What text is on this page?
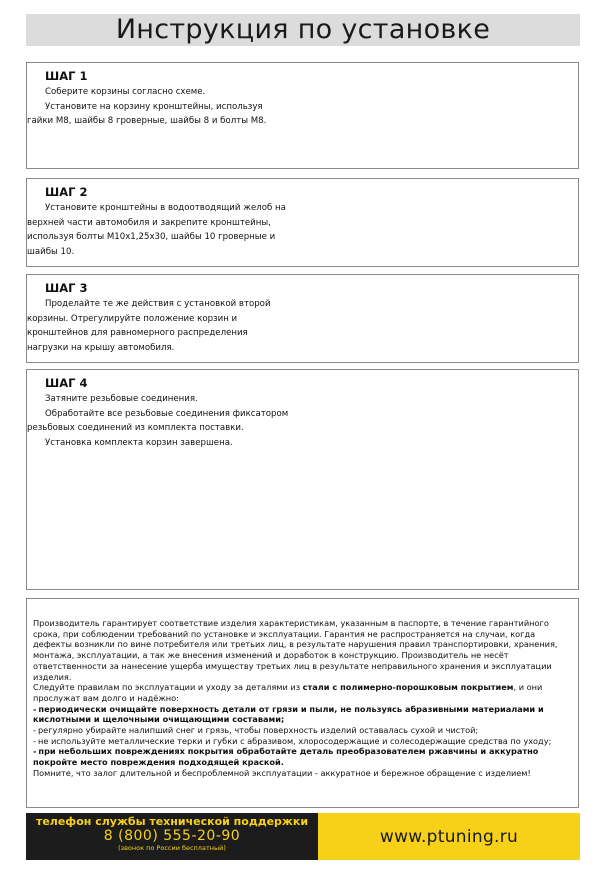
Инструкция по установке
ШАГ 1

Соберите корзины согласно схеме.

Установите на корзину кронштейны, используя гайки М8, шайбы 8 гроверные, шайбы 8 и болты М8.

ШАГ 2

Установите кронштейны в водоотводящий желоб на верхней части автомобиля и закрепите кронштейны, используя болты М10х1,25х30, шайбы 10 гроверные и шайбы 10.

ШАГ 3

Проделайте те же действия с установкой второй корзины. Отрегулируйте положение корзин и кронштейнов для равномерного распределения нагрузки на крышу автомобиля.

ШАГ 4

Затяните резьбовые соединения.

Обработайте все резьбовые соединения фиксатором резьбовых соединений из комплекта поставки.

Установка комплекта корзин завершена.

Производитель гарантирует соответствие изделия характеристикам, указанным в паспорте, в течение гарантийного срока, при соблюдении требований по установке и эксплуатации. Гарантия не распространяется на случаи, когда дефекты возникли по вине потребителя или третьих лиц, в результате нарушения правил транспортировки, хранения, монтажа, эксплуатации, а так же внесения изменений и доработок в конструкцию. Производитель не несёт ответственности за нанесение ущерба имуществу третьих лиц в результате неправильного хранения и эксплуатации изделия.

Следуйте правилам по эксплуатации и уходу за деталями из стали с полимерно-порошковым покрытием, и они прослужат вам долго и надёжно:

- периодически очищайте поверхность детали от грязи и пыли, не пользуясь абразивными материалами и кислотными и щелочными очищающими составами;
- регулярно убирайте налипший снег и грязь, чтобы поверхность изделий оставалась сухой и чистой;
- не используйте металлические терки и губки с абразивом, хлоросодержащие и солесодержащие средства по уходу;
- при небольших повреждениях покрытия обработайте деталь преобразователем ржавчины и аккуратно покройте место повреждения подходящей краской.

Помните, что залог длительной и беспроблемной эксплуатации - аккуратное и бережное обращение с изделием!

телефон службы технической поддержки
8 (800) 555-20-90
(звонок по России бесплатный)
www.ptuning.ru
